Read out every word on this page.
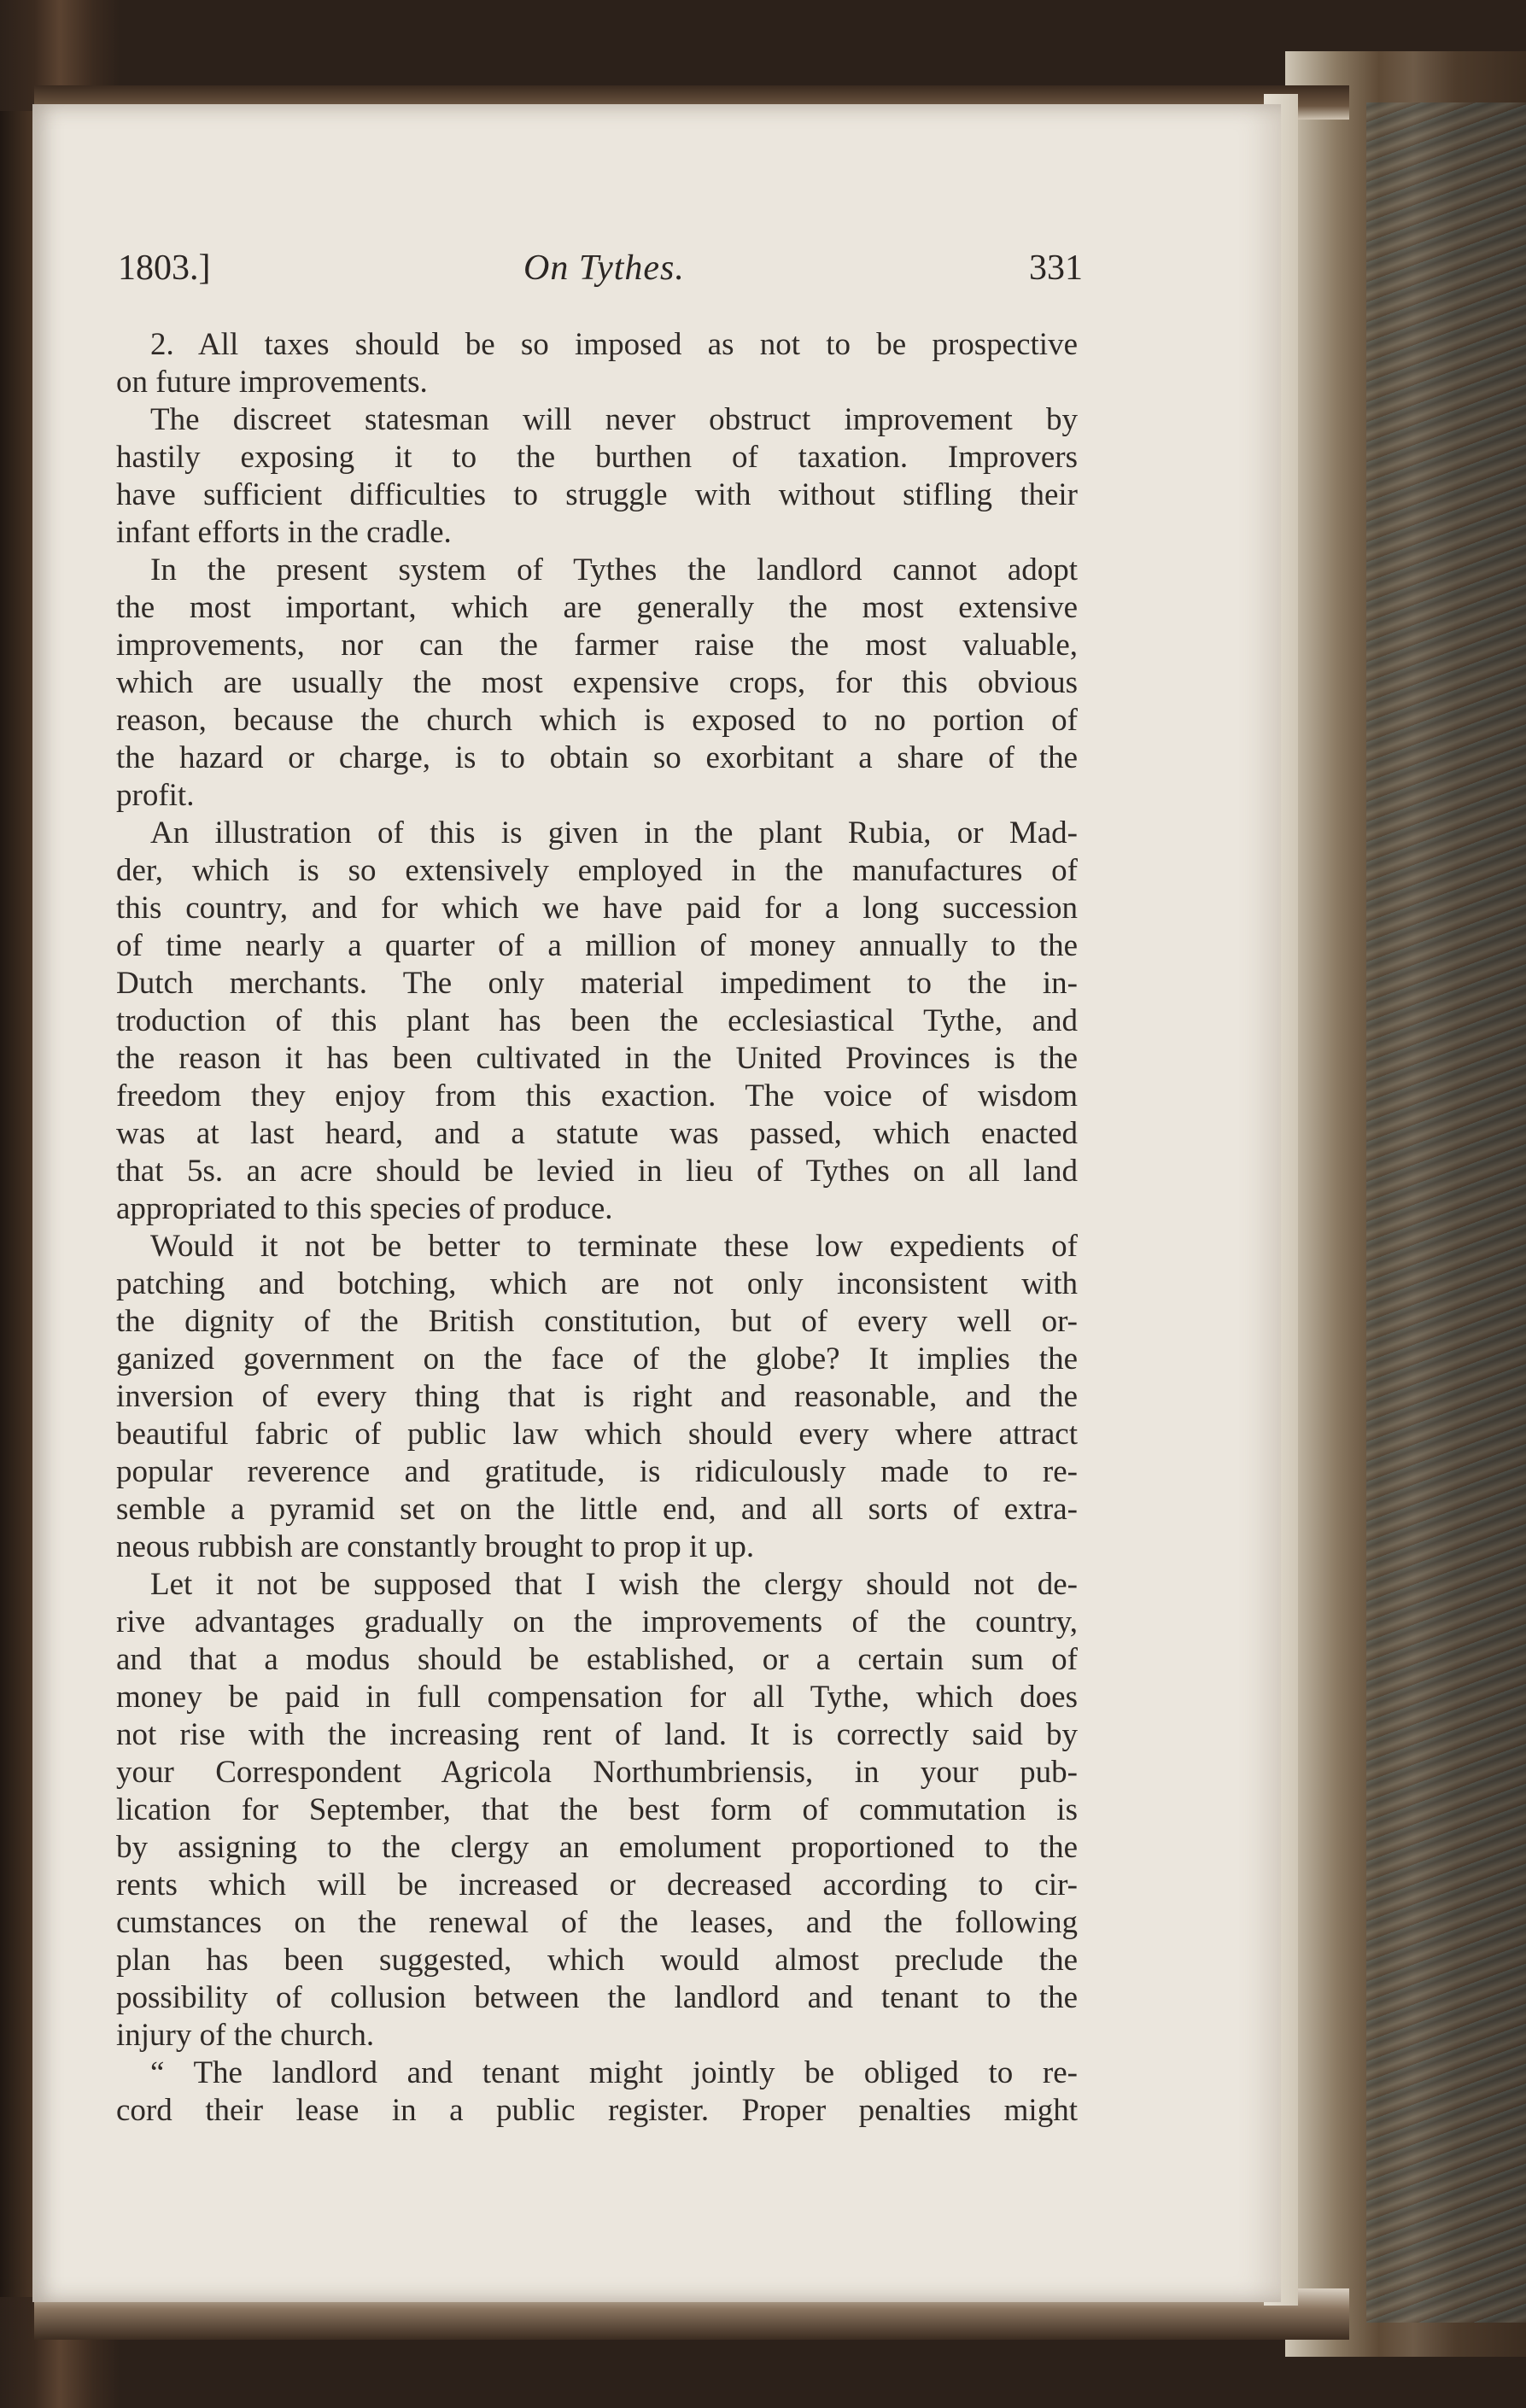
1803.]	On Tythes.	331
2. All taxes should be so imposed as not to be prospective
on future improvements.
The discreet statesman will never obstruct improvement by
hastily exposing it to the burthen of taxation. Improvers
have sufficient difficulties to struggle with without stifling their
infant efforts in the cradle.
In the present system of Tythes the landlord cannot adopt
the most important, which are generally the most extensive
improvements, nor can the farmer raise the most valuable,
which are usually the most expensive crops, for this obvious
reason, because the church which is exposed to no portion of
the hazard or charge, is to obtain so exorbitant a share of the
profit.
An illustration of this is given in the plant Rubia, or Mad-
der, which is so extensively employed in the manufactures of
this country, and for which we have paid for a long succession
of time nearly a quarter of a million of money annually to the
Dutch merchants. The only material impediment to the in-
troduction of this plant has been the ecclesiastical Tythe, and
the reason it has been cultivated in the United Provinces is the
freedom they enjoy from this exaction. The voice of wisdom
was at last heard, and a statute was passed, which enacted
that 5s. an acre should be levied in lieu of Tythes on all land
appropriated to this species of produce.
Would it not be better to terminate these low expedients of
patching and botching, which are not only inconsistent with
the dignity of the British constitution, but of every well or-
ganized government on the face of the globe? It implies the
inversion of every thing that is right and reasonable, and the
beautiful fabric of public law which should every where attract
popular reverence and gratitude, is ridiculously made to re-
semble a pyramid set on the little end, and all sorts of extra-
neous rubbish are constantly brought to prop it up.
Let it not be supposed that I wish the clergy should not de-
rive advantages gradually on the improvements of the country,
and that a modus should be established, or a certain sum of
money be paid in full compensation for all Tythe, which does
not rise with the increasing rent of land. It is correctly said by
your Correspondent Agricola Northumbriensis, in your pub-
lication for September, that the best form of commutation is
by assigning to the clergy an emolument proportioned to the
rents which will be increased or decreased according to cir-
cumstances on the renewal of the leases, and the following
plan has been suggested, which would almost preclude the
possibility of collusion between the landlord and tenant to the
injury of the church.
“ The landlord and tenant might jointly be obliged to re-
cord their lease in a public register. Proper penalties might
